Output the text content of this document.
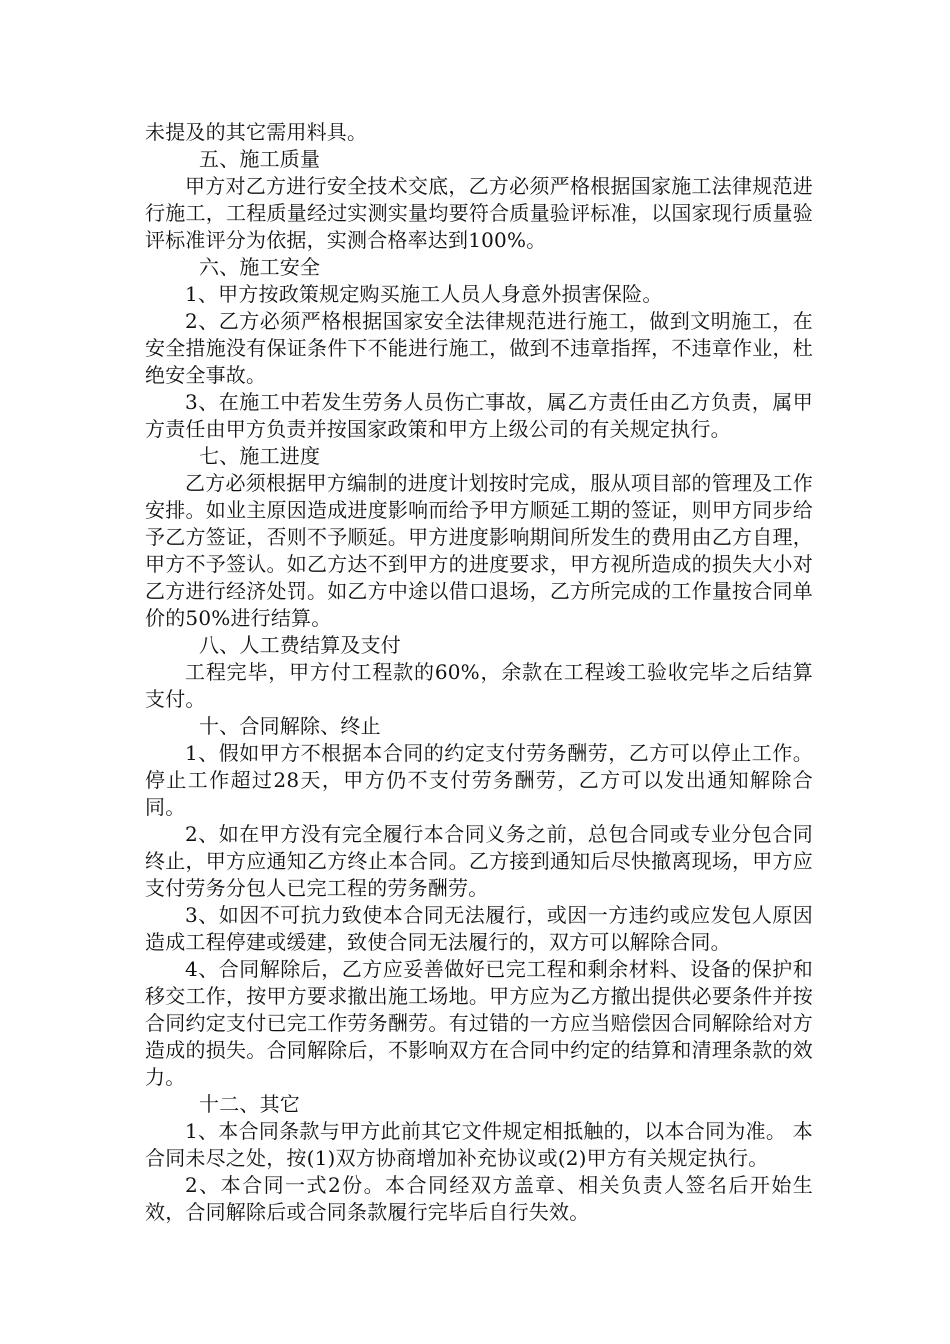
未提及的其它需用料具。

五、施工质量

甲方对乙方进行安全技术交底，乙方必须严格根据国家施工法律规范进行施工，工程质量经过实测实量均要符合质量验评标准，以国家现行质量验评标准评分为依据，实测合格率达到100%。

六、施工安全

1、甲方按政策规定购买施工人员人身意外损害保险。

2、乙方必须严格根据国家安全法律规范进行施工，做到文明施工，在安全措施没有保证条件下不能进行施工，做到不违章指挥，不违章作业，杜绝安全事故。

3、在施工中若发生劳务人员伤亡事故，属乙方责任由乙方负责，属甲方责任由甲方负责并按国家政策和甲方上级公司的有关规定执行。

七、施工进度

乙方必须根据甲方编制的进度计划按时完成，服从项目部的管理及工作安排。如业主原因造成进度影响而给予甲方顺延工期的签证，则甲方同步给予乙方签证，否则不予顺延。甲方进度影响期间所发生的费用由乙方自理，甲方不予签认。如乙方达不到甲方的进度要求，甲方视所造成的损失大小对乙方进行经济处罚。如乙方中途以借口退场，乙方所完成的工作量按合同单价的50%进行结算。

八、人工费结算及支付

工程完毕，甲方付工程款的60%，余款在工程竣工验收完毕之后结算支付。

十、合同解除、终止

1、假如甲方不根据本合同的约定支付劳务酬劳，乙方可以停止工作。停止工作超过28天，甲方仍不支付劳务酬劳，乙方可以发出通知解除合同。

2、如在甲方没有完全履行本合同义务之前，总包合同或专业分包合同终止，甲方应通知乙方终止本合同。乙方接到通知后尽快撤离现场，甲方应支付劳务分包人已完工程的劳务酬劳。

3、如因不可抗力致使本合同无法履行，或因一方违约或应发包人原因造成工程停建或缓建，致使合同无法履行的，双方可以解除合同。

4、合同解除后，乙方应妥善做好已完工程和剩余材料、设备的保护和移交工作，按甲方要求撤出施工场地。甲方应为乙方撤出提供必要条件并按合同约定支付已完工作劳务酬劳。有过错的一方应当赔偿因合同解除给对方造成的损失。合同解除后，不影响双方在合同中约定的结算和清理条款的效力。

十二、其它

1、本合同条款与甲方此前其它文件规定相抵触的，以本合同为准。 本合同未尽之处，按(1)双方协商增加补充协议或(2)甲方有关规定执行。

2、本合同一式2份。本合同经双方盖章、相关负责人签名后开始生效，合同解除后或合同条款履行完毕后自行失效。
